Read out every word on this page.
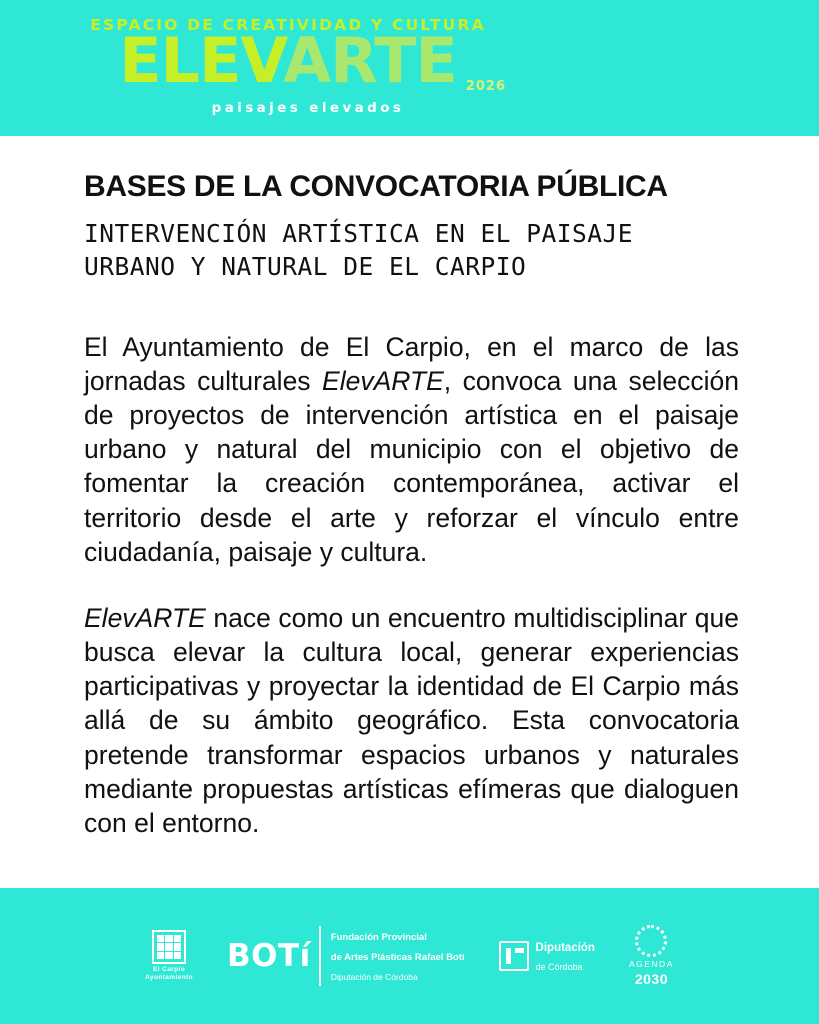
ESPACIO DE CREATIVIDAD Y CULTURA
ELEVARTE 2026
paisajes elevados
BASES DE LA CONVOCATORIA PÚBLICA
INTERVENCIÓN ARTÍSTICA EN EL PAISAJE
URBANO Y NATURAL DE EL CARPIO

El Ayuntamiento de El Carpio, en el marco de las jornadas culturales ElevARTE, convoca una selección de proyectos de intervención artística en el paisaje urbano y natural del municipio con el objetivo de fomentar la creación contemporánea, activar el territorio desde el arte y reforzar el vínculo entre ciudadanía, paisaje y cultura.

ElevARTE nace como un encuentro multidisciplinar que busca elevar la cultura local, generar experiencias participativas y proyectar la identidad de El Carpio más allá de su ámbito geográfico. Esta convocatoria pretende transformar espacios urbanos y naturales mediante propuestas artísticas efímeras que dialoguen con el entorno.

El Carpio
Ayuntamiento
BOTí
Fundación Provincial
de Artes Plásticas Rafael Botí
Diputación de Córdoba
Diputación
de Córdoba	AGENDA
2030
